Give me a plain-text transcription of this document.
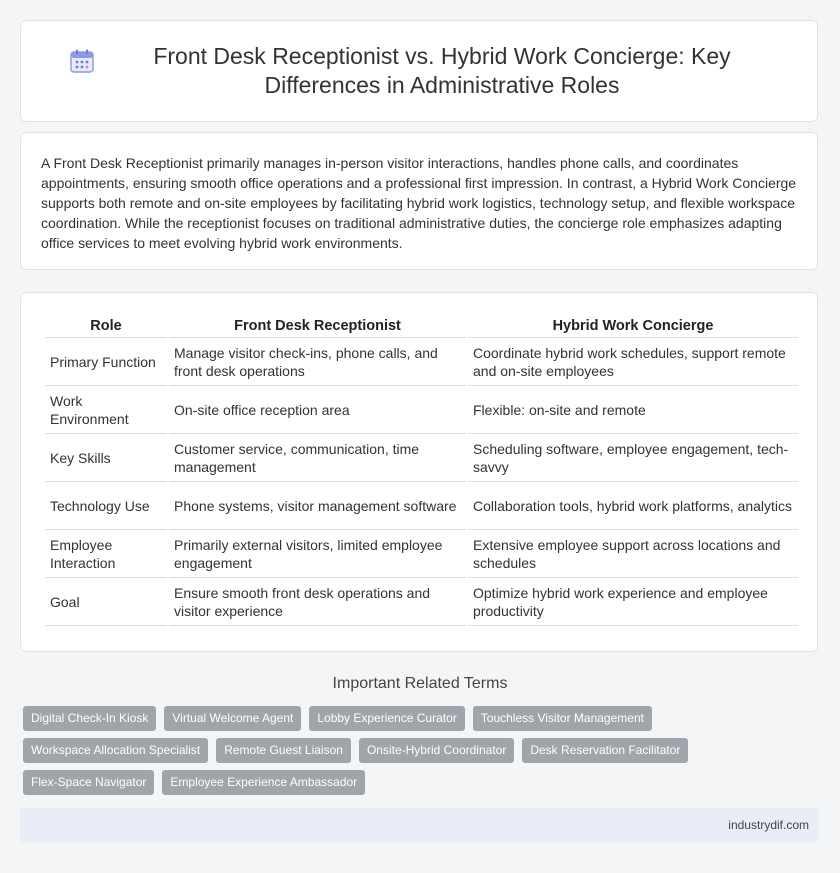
Front Desk Receptionist vs. Hybrid Work Concierge: Key Differences in Administrative Roles

A Front Desk Receptionist primarily manages in-person visitor interactions, handles phone calls, and coordinates appointments, ensuring smooth office operations and a professional first impression. In contrast, a Hybrid Work Concierge supports both remote and on-site employees by facilitating hybrid work logistics, technology setup, and flexible workspace coordination. While the receptionist focuses on traditional administrative duties, the concierge role emphasizes adapting office services to meet evolving hybrid work environments.

Role	Front Desk Receptionist	Hybrid Work Concierge
Primary Function	Manage visitor check-ins, phone calls, and front desk operations	Coordinate hybrid work schedules, support remote and on-site employees
Work Environment	On-site office reception area	Flexible: on-site and remote
Key Skills	Customer service, communication, time management	Scheduling software, employee engagement, tech-savvy
Technology Use	Phone systems, visitor management software	Collaboration tools, hybrid work platforms, analytics
Employee Interaction	Primarily external visitors, limited employee engagement	Extensive employee support across locations and schedules
Goal	Ensure smooth front desk operations and visitor experience	Optimize hybrid work experience and employee productivity
Important Related Terms
Digital Check-In Kiosk	Virtual Welcome Agent	Lobby Experience Curator	Touchless Visitor Management
Workspace Allocation Specialist	Remote Guest Liaison	Onsite-Hybrid Coordinator	Desk Reservation Facilitator
Flex-Space Navigator	Employee Experience Ambassador
industrydif.com
